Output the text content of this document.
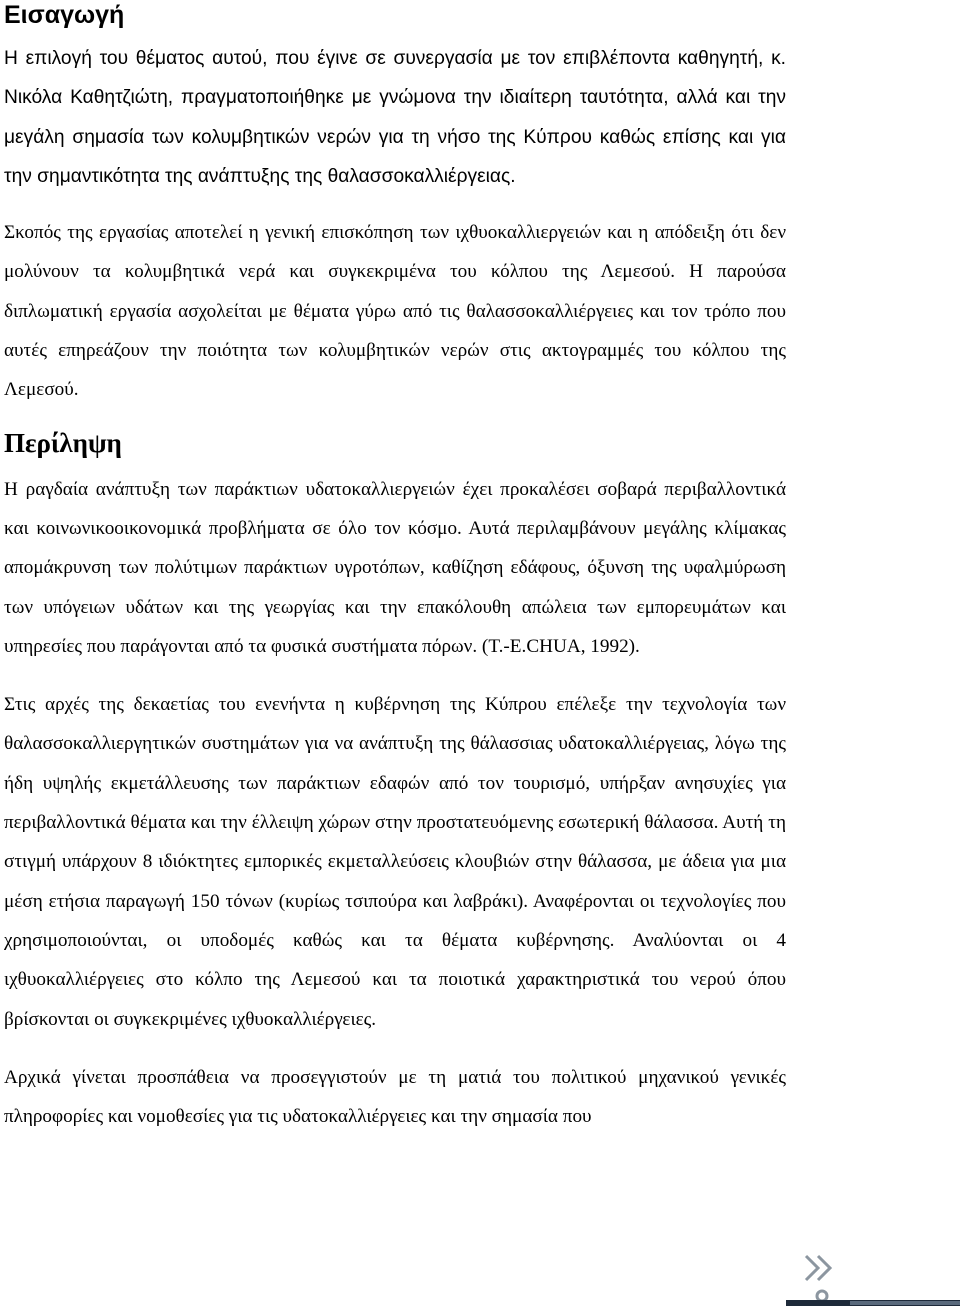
Εισαγωγή

Η επιλογή του θέματος αυτού, που έγινε σε συνεργασία με τον επιβλέποντα καθηγητή, κ. Νικόλα Καθητζιώτη, πραγματοποιήθηκε με γνώμονα την ιδιαίτερη ταυτότητα, αλλά και την μεγάλη σημασία των κολυμβητικών νερών για τη νήσο της Κύπρου καθώς επίσης και για την σημαντικότητα της ανάπτυξης της θαλασσοκαλλιέργειας.

Σκοπός της εργασίας αποτελεί η γενική επισκόπηση των ιχθυοκαλλιεργειών και η απόδειξη ότι δεν μολύνουν τα κολυμβητικά νερά και συγκεκριμένα του κόλπου της Λεμεσού. Η παρούσα διπλωματική εργασία ασχολείται με θέματα γύρω από τις θαλασσοκαλλιέργειες και τον τρόπο που αυτές επηρεάζουν την ποιότητα των κολυμβητικών νερών στις ακτογραμμές του κόλπου της Λεμεσού.

Περίληψη

Η ραγδαία ανάπτυξη των παράκτιων υδατοκαλλιεργειών έχει προκαλέσει σοβαρά περιβαλλοντικά και κοινωνικοοικονομικά προβλήματα σε όλο τον κόσμο. Αυτά περιλαμβάνουν μεγάλης κλίμακας απομάκρυνση των πολύτιμων παράκτιων υγροτόπων, καθίζηση εδάφους, όξυνση της υφαλμύρωση των υπόγειων υδάτων και της γεωργίας και την επακόλουθη απώλεια των εμπορευμάτων και υπηρεσίες που παράγονται από τα φυσικά συστήματα πόρων. (T.-E.CHUA, 1992).

Στις αρχές της δεκαετίας του ενενήντα η κυβέρνηση της Κύπρου επέλεξε την τεχνολογία των θαλασσοκαλλιεργητικών συστημάτων για να ανάπτυξη της θάλασσιας υδατοκαλλιέργειας, λόγω της ήδη υψηλής εκμετάλλευσης των παράκτιων εδαφών από τον τουρισμό, υπήρξαν ανησυχίες για περιβαλλοντικά θέματα και την έλλειψη χώρων στην προστατευόμενης εσωτερική θάλασσα. Αυτή τη στιγμή υπάρχουν 8 ιδιόκτητες εμπορικές εκμεταλλεύσεις κλουβιών στην θάλασσα, με άδεια για μια μέση ετήσια παραγωγή 150 τόνων (κυρίως τσιπούρα και λαβράκι). Αναφέρονται οι τεχνολογίες που χρησιμοποιούνται, οι υποδομές καθώς και τα θέματα κυβέρνησης. Αναλύονται οι 4 ιχθυοκαλλιέργειες στο κόλπο της Λεμεσού και τα ποιοτικά χαρακτηριστικά του νερού όπου βρίσκονται οι συγκεκριμένες ιχθυοκαλλιέργειες.

Αρχικά γίνεται προσπάθεια να προσεγγιστούν με τη ματιά του πολιτικού μηχανικού γενικές πληροφορίες και νομοθεσίες για τις υδατοκαλλιέργειες και την σημασία που
